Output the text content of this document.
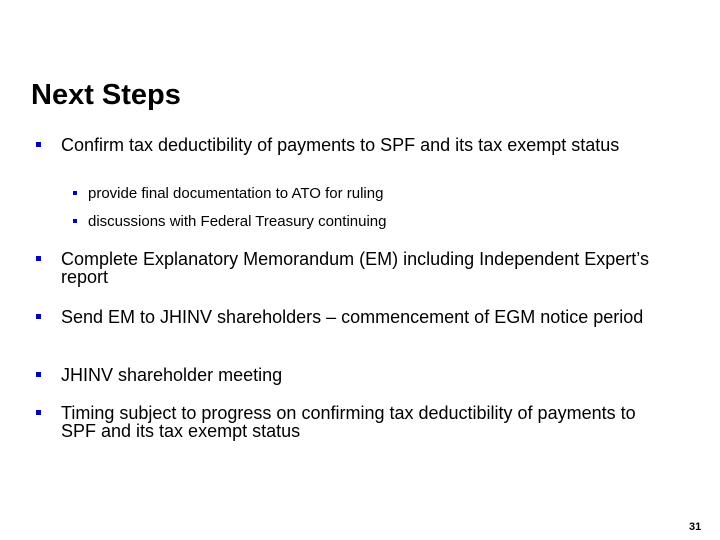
Next Steps
Confirm tax deductibility of payments to SPF and its tax exempt status
provide final documentation to ATO for ruling
discussions with Federal Treasury continuing
Complete Explanatory Memorandum (EM) including Independent Expert’s report
Send EM to JHINV shareholders – commencement of EGM notice period
JHINV shareholder meeting
Timing subject to progress on confirming tax deductibility of payments to SPF and its tax exempt status
31
